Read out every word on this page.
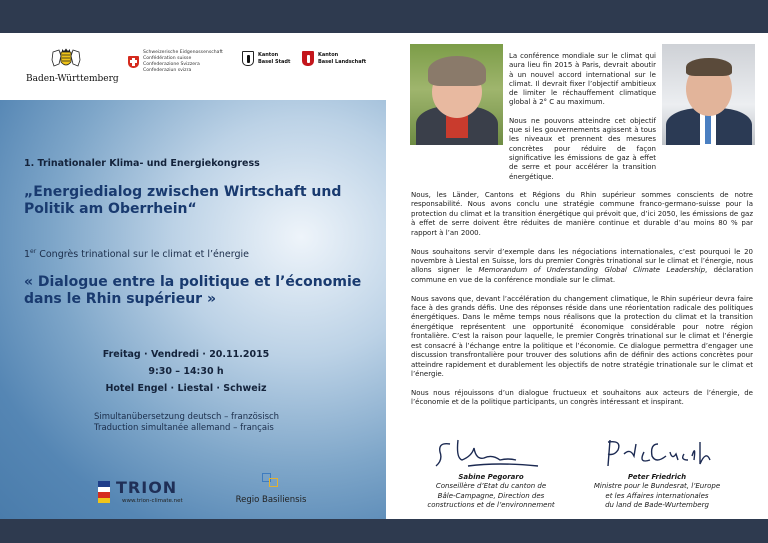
Baden-Württemberg
Schweizerische Eidgenossenschaft
Confédération suisse
Confederazione Svizzera
Confederaziun svizra
Kanton
Basel Stadt
Kanton
Basel Landschaft
1. Trinationaler Klima- und Energiekongress
„Energiedialog zwischen Wirtschaft und Politik am Oberrhein“
1er Congrès trinational sur le climat et l’énergie
« Dialogue entre la politique et l’économie dans le Rhin supérieur »
Freitag · Vendredi · 20.11.2015
9:30 – 14:30 h
Hotel Engel · Liestal · Schweiz
Simultanübersetzung deutsch – französisch
Traduction simultanée allemand – français
TRION
www.trion-climate.net	Regio Basiliensis

La conférence mondiale sur le climat qui aura lieu fin 2015 à Paris, devrait aboutir à un nouvel accord international sur le climat. Il devrait fixer l’objectif ambitieux de limiter le réchauffement climatique global à 2° C au maximum.

Nous ne pouvons atteindre cet objectif que si les gouvernements agissent à tous les niveaux et prennent des mesures concrètes pour réduire de façon significative les émissions de gaz à effet de serre et pour accélérer la transition énergétique.

Nous, les Länder, Cantons et Régions du Rhin supérieur sommes conscients de notre responsabilité. Nous avons conclu une stratégie commune franco-germano-suisse pour la protection du climat et la transition énergétique qui prévoit que, d’ici 2050, les émissions de gaz à effet de serre doivent être réduites de manière continue et durable d’au moins 80 % par rapport à l’an 2000.

Nous souhaitons servir d’exemple dans les négociations internationales, c’est pourquoi le 20 novembre à Liestal en Suisse, lors du premier Congrès trinational sur le climat et l’énergie, nous allons signer le Memorandum of Understanding Global Climate Leadership, déclaration commune en vue de la conférence mondiale sur le climat.

Nous savons que, devant l’accélération du changement climatique, le Rhin supérieur devra faire face à des grands défis. Une des réponses réside dans une réorientation radicale des politiques énergétiques. Dans le même temps nous réalisons que la protection du climat et la transition énergétique représentent une opportunité économique considérable pour notre région frontalière. C’est la raison pour laquelle, le premier Congrès trinational sur le climat et l’énergie est consacré à l’échange entre la politique et l’économie. Ce dialogue permettra d’engager une discussion transfrontalière pour trouver des solutions afin de définir des actions concrètes pour atteindre rapidement et durablement les objectifs de notre stratégie trinationale sur le climat et l’énergie.

Nous nous réjouissons d’un dialogue fructueux et souhaitons aux acteurs de l’énergie, de l’économie et de la politique participants, un congrès intéressant et inspirant.

Sabine Pegoraro
Conseillère d’Etat du canton de
Bâle-Campagne, Direction des
constructions et de l’environnement
Peter Friedrich
Ministre pour le Bundesrat, l’Europe
et les Affaires internationales
du land de Bade-Wurtemberg
